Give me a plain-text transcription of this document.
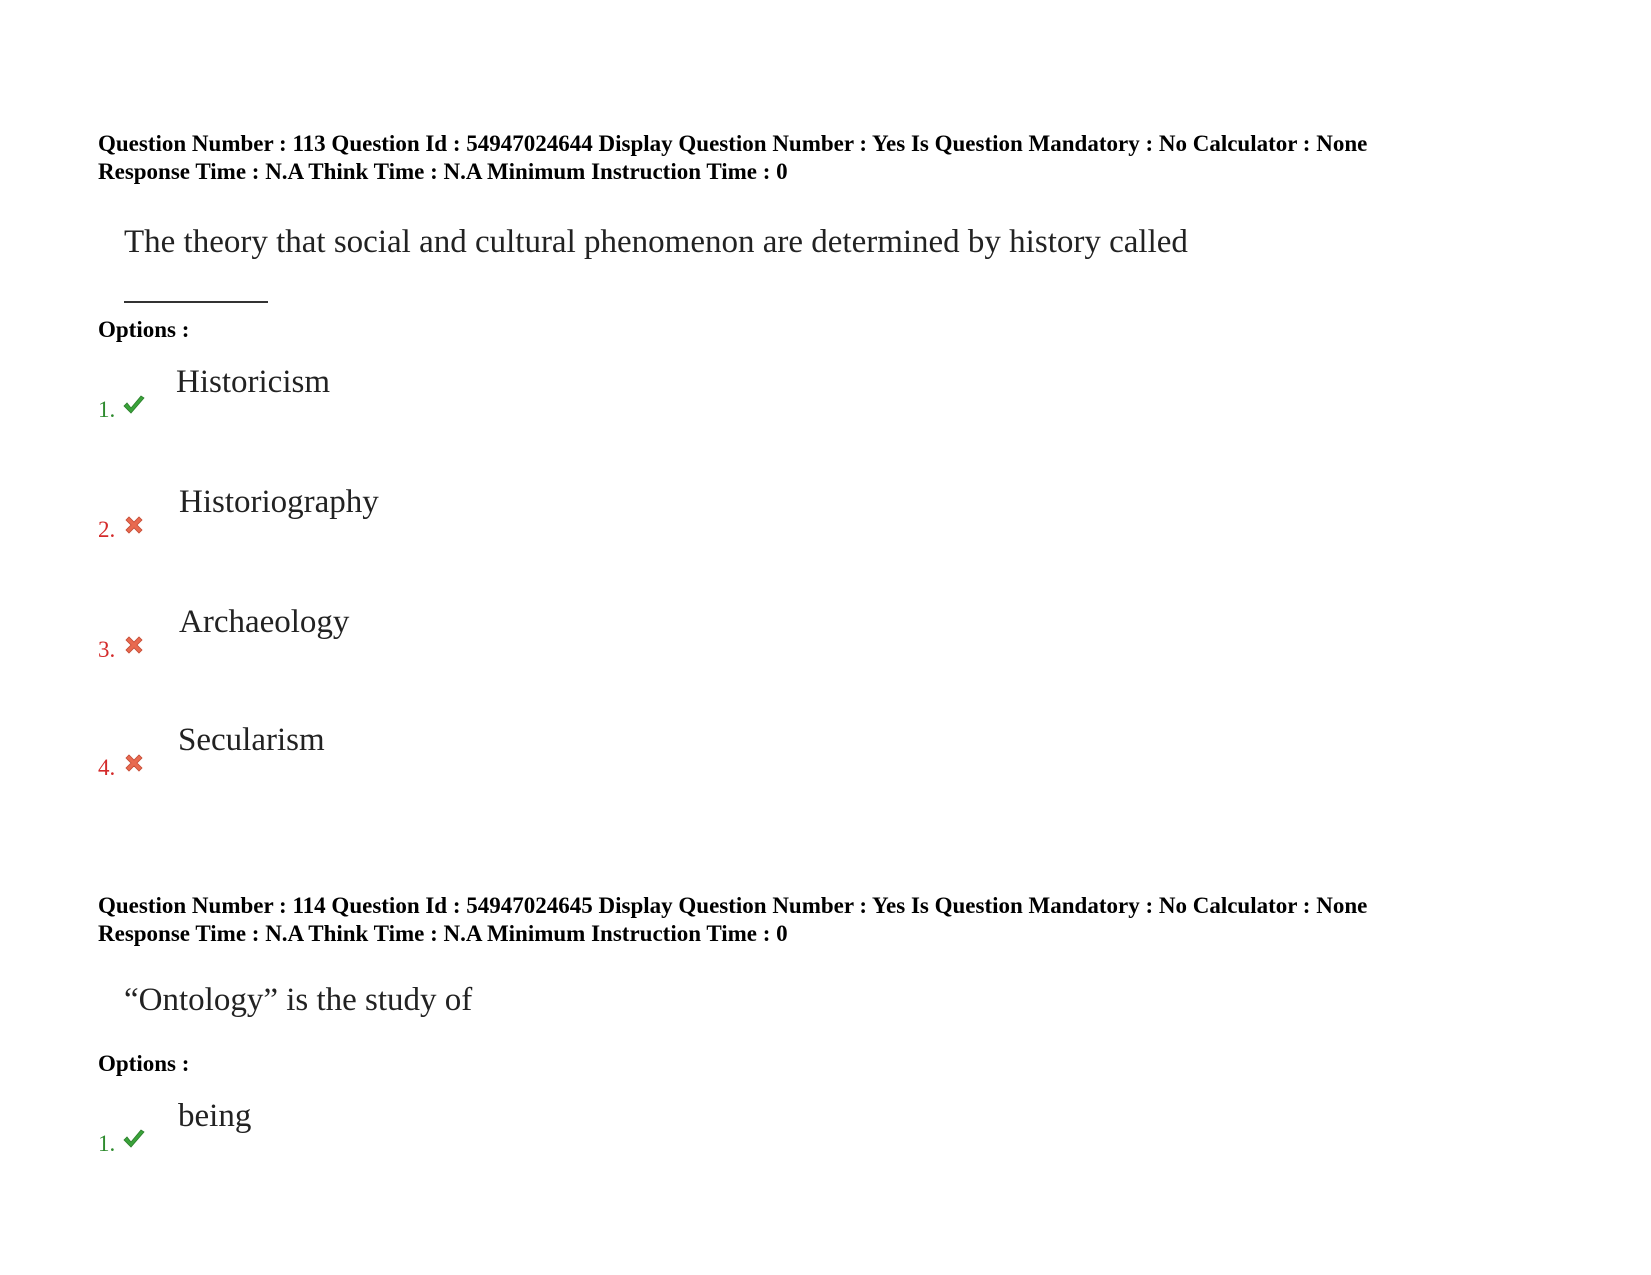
Question Number : 113 Question Id : 54947024644 Display Question Number : Yes Is Question Mandatory : No Calculator : None
Response Time : N.A Think Time : N.A Minimum Instruction Time : 0
The theory that social and cultural phenomenon are determined by history called
Options :
1.
Historicism
2.
Historiography
3.
Archaeology
4.
Secularism
Question Number : 114 Question Id : 54947024645 Display Question Number : Yes Is Question Mandatory : No Calculator : None
Response Time : N.A Think Time : N.A Minimum Instruction Time : 0
“Ontology” is the study of
Options :
1.
being
